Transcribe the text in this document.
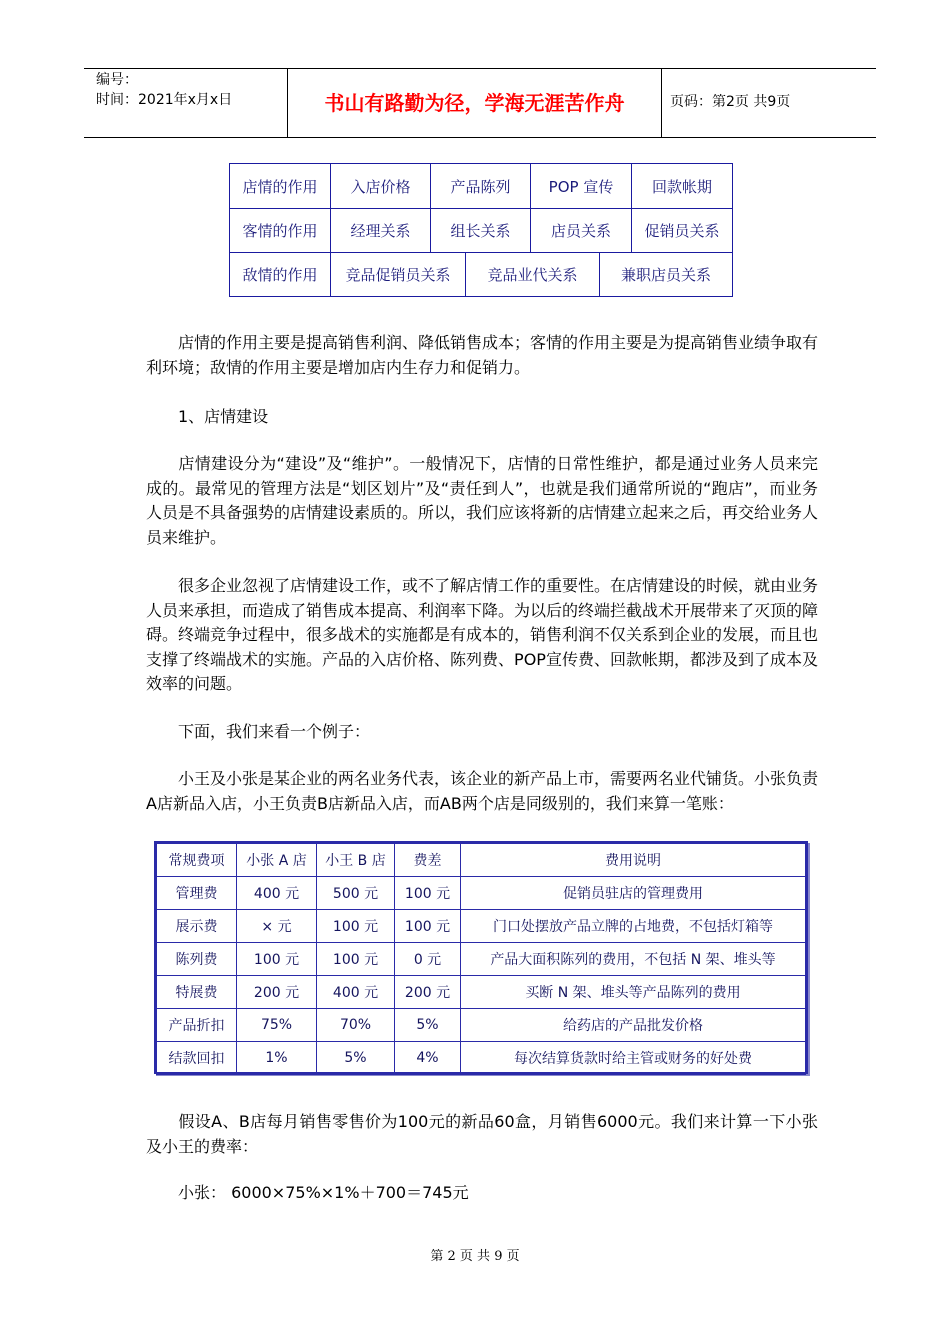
编号：
时间：2021年x月x日	书山有路勤为径，学海无涯苦作舟	页码：第2页 共9页
店情的作用	入店价格	产品陈列	POP 宣传	回款帐期
客情的作用	经理关系	组长关系	店员关系	促销员关系
敌情的作用	竞品促销员关系	竞品业代关系	兼职店员关系
店情的作用主要是提高销售利润、降低销售成本；客情的作用主要是为提高销售业绩争取有利环境；敌情的作用主要是增加店内生存力和促销力。
1、店情建设
店情建设分为“建设”及“维护”。一般情况下，店情的日常性维护，都是通过业务人员来完成的。最常见的管理方法是“划区划片”及“责任到人”，也就是我们通常所说的“跑店”，而业务人员是不具备强势的店情建设素质的。所以，我们应该将新的店情建立起来之后，再交给业务人员来维护。
很多企业忽视了店情建设工作，或不了解店情工作的重要性。在店情建设的时候，就由业务人员来承担，而造成了销售成本提高、利润率下降。为以后的终端拦截战术开展带来了灭顶的障碍。终端竞争过程中，很多战术的实施都是有成本的，销售利润不仅关系到企业的发展，而且也支撑了终端战术的实施。产品的入店价格、陈列费、POP宣传费、回款帐期，都涉及到了成本及效率的问题。
下面，我们来看一个例子：
小王及小张是某企业的两名业务代表，该企业的新产品上市，需要两名业代铺货。小张负责A店新品入店，小王负责B店新品入店，而AB两个店是同级别的，我们来算一笔账：
常规费项	小张 A 店	小王 B 店	费差	费用说明
管理费	400 元	500 元	100 元	促销员驻店的管理费用
展示费	× 元	100 元	100 元	门口处摆放产品立牌的占地费，不包括灯箱等
陈列费	100 元	100 元	0 元	产品大面积陈列的费用，不包括 N 架、堆头等
特展费	200 元	400 元	200 元	买断 N 架、堆头等产品陈列的费用
产品折扣	75%	70%	5%	给药店的产品批发价格
结款回扣	1%	5%	4%	每次结算货款时给主管或财务的好处费
假设A、B店每月销售零售价为100元的新品60盒，月销售6000元。我们来计算一下小张及小王的费率：
小张： 6000×75%×1%＋700＝745元
第 2 页 共 9 页
